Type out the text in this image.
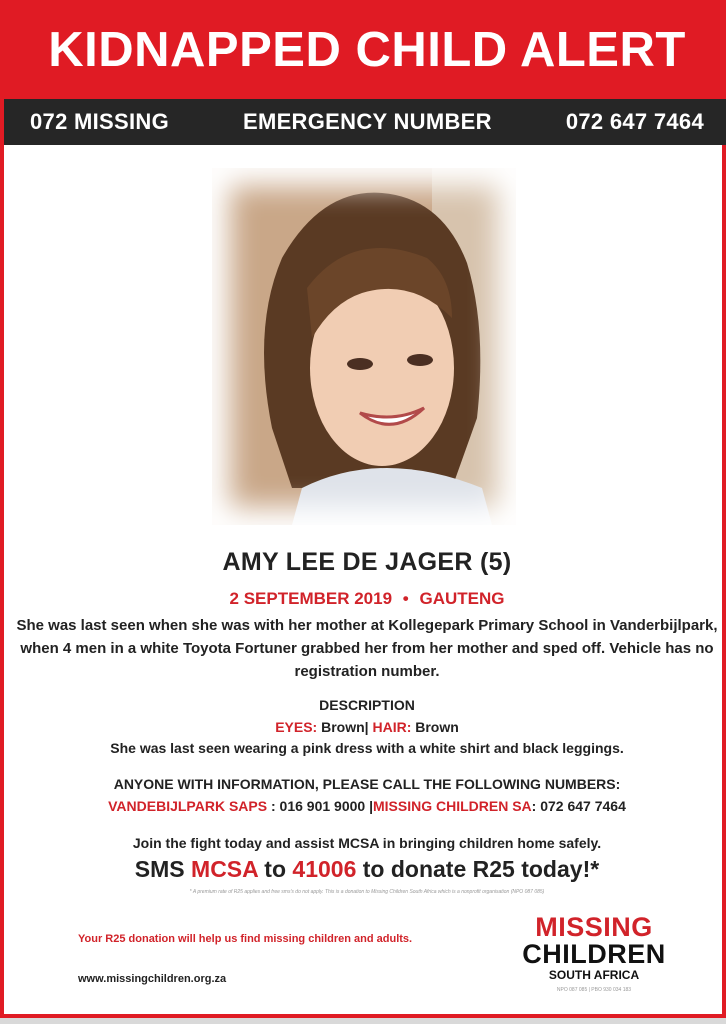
KIDNAPPED CHILD ALERT
072 MISSING	EMERGENCY NUMBER	072 647 7464
AMY LEE DE JAGER (5)
2 SEPTEMBER 2019 • GAUTENG
She was last seen when she was with her mother at Kollegepark Primary School in Vanderbijlpark, when 4 men in a white Toyota Fortuner grabbed her from her mother and sped off. Vehicle has no registration number.
DESCRIPTION
EYES: Brown| HAIR: Brown
She was last seen wearing a pink dress with a white shirt and black leggings.
ANYONE WITH INFORMATION, PLEASE CALL THE FOLLOWING NUMBERS:
VANDEBIJLPARK SAPS : 016 901 9000 |MISSING CHILDREN SA: 072 647 7464
Join the fight today and assist MCSA in bringing children home safely.
SMS MCSA to 41006 to donate R25 today!*
* A premium rate of R25 applies and free sms's do not apply. This is a donation to Missing Children South Africa which is a nonprofit organisation (NPO 087 085)
Your R25 donation will help us find missing children and adults.
www.missingchildren.org.za
MISSING
CHILDREN
SOUTH AFRICA
NPO 087 085 | PBO 930 034 183
